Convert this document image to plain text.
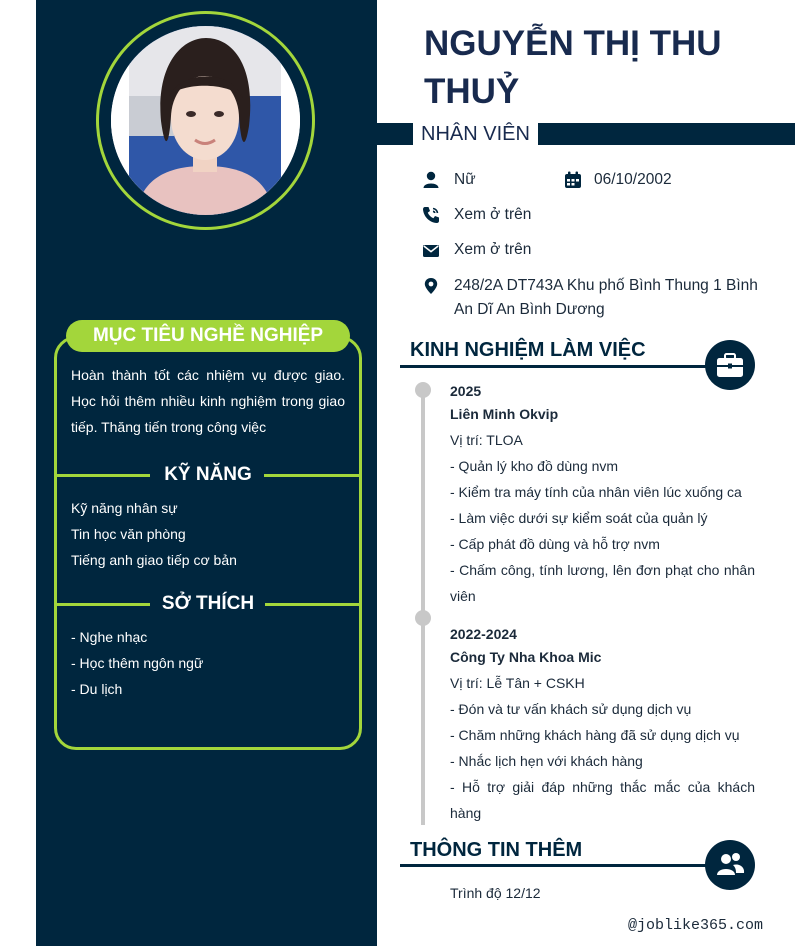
MỤC TIÊU NGHỀ NGHIỆP
Hoàn thành tốt các nhiệm vụ được giao. Học hỏi thêm nhiều kinh nghiệm trong giao tiếp. Thăng tiến trong công việc
KỸ NĂNG
Kỹ năng nhân sự
Tin học văn phòng
Tiếng anh giao tiếp cơ bản
SỞ THÍCH
- Nghe nhạc
- Học thêm ngôn ngữ
- Du lịch
NGUYỄN THỊ THU THUỶ
NHÂN VIÊN
Nữ	06/10/2002
Xem ở trên
Xem ở trên
248/2A DT743A Khu phố Bình Thung 1 Bình An Dĩ An Bình Dương
KINH NGHIỆM LÀM VIỆC
2025
Liên Minh Okvip
Vị trí: TLOA
- Quản lý kho đồ dùng nvm
- Kiểm tra máy tính của nhân viên lúc xuống ca
- Làm việc dưới sự kiểm soát của quản lý
- Cấp phát đồ dùng và hỗ trợ nvm
- Chấm công, tính lương, lên đơn phạt cho nhân viên
2022-2024
Công Ty Nha Khoa Mic
Vị trí: Lễ Tân + CSKH
- Đón và tư vấn khách sử dụng dịch vụ
- Chăm những khách hàng đã sử dụng dịch vụ
- Nhắc lịch hẹn với khách hàng
- Hỗ trợ giải đáp những thắc mắc của khách hàng
THÔNG TIN THÊM
Trình độ 12/12
@joblike365.com
